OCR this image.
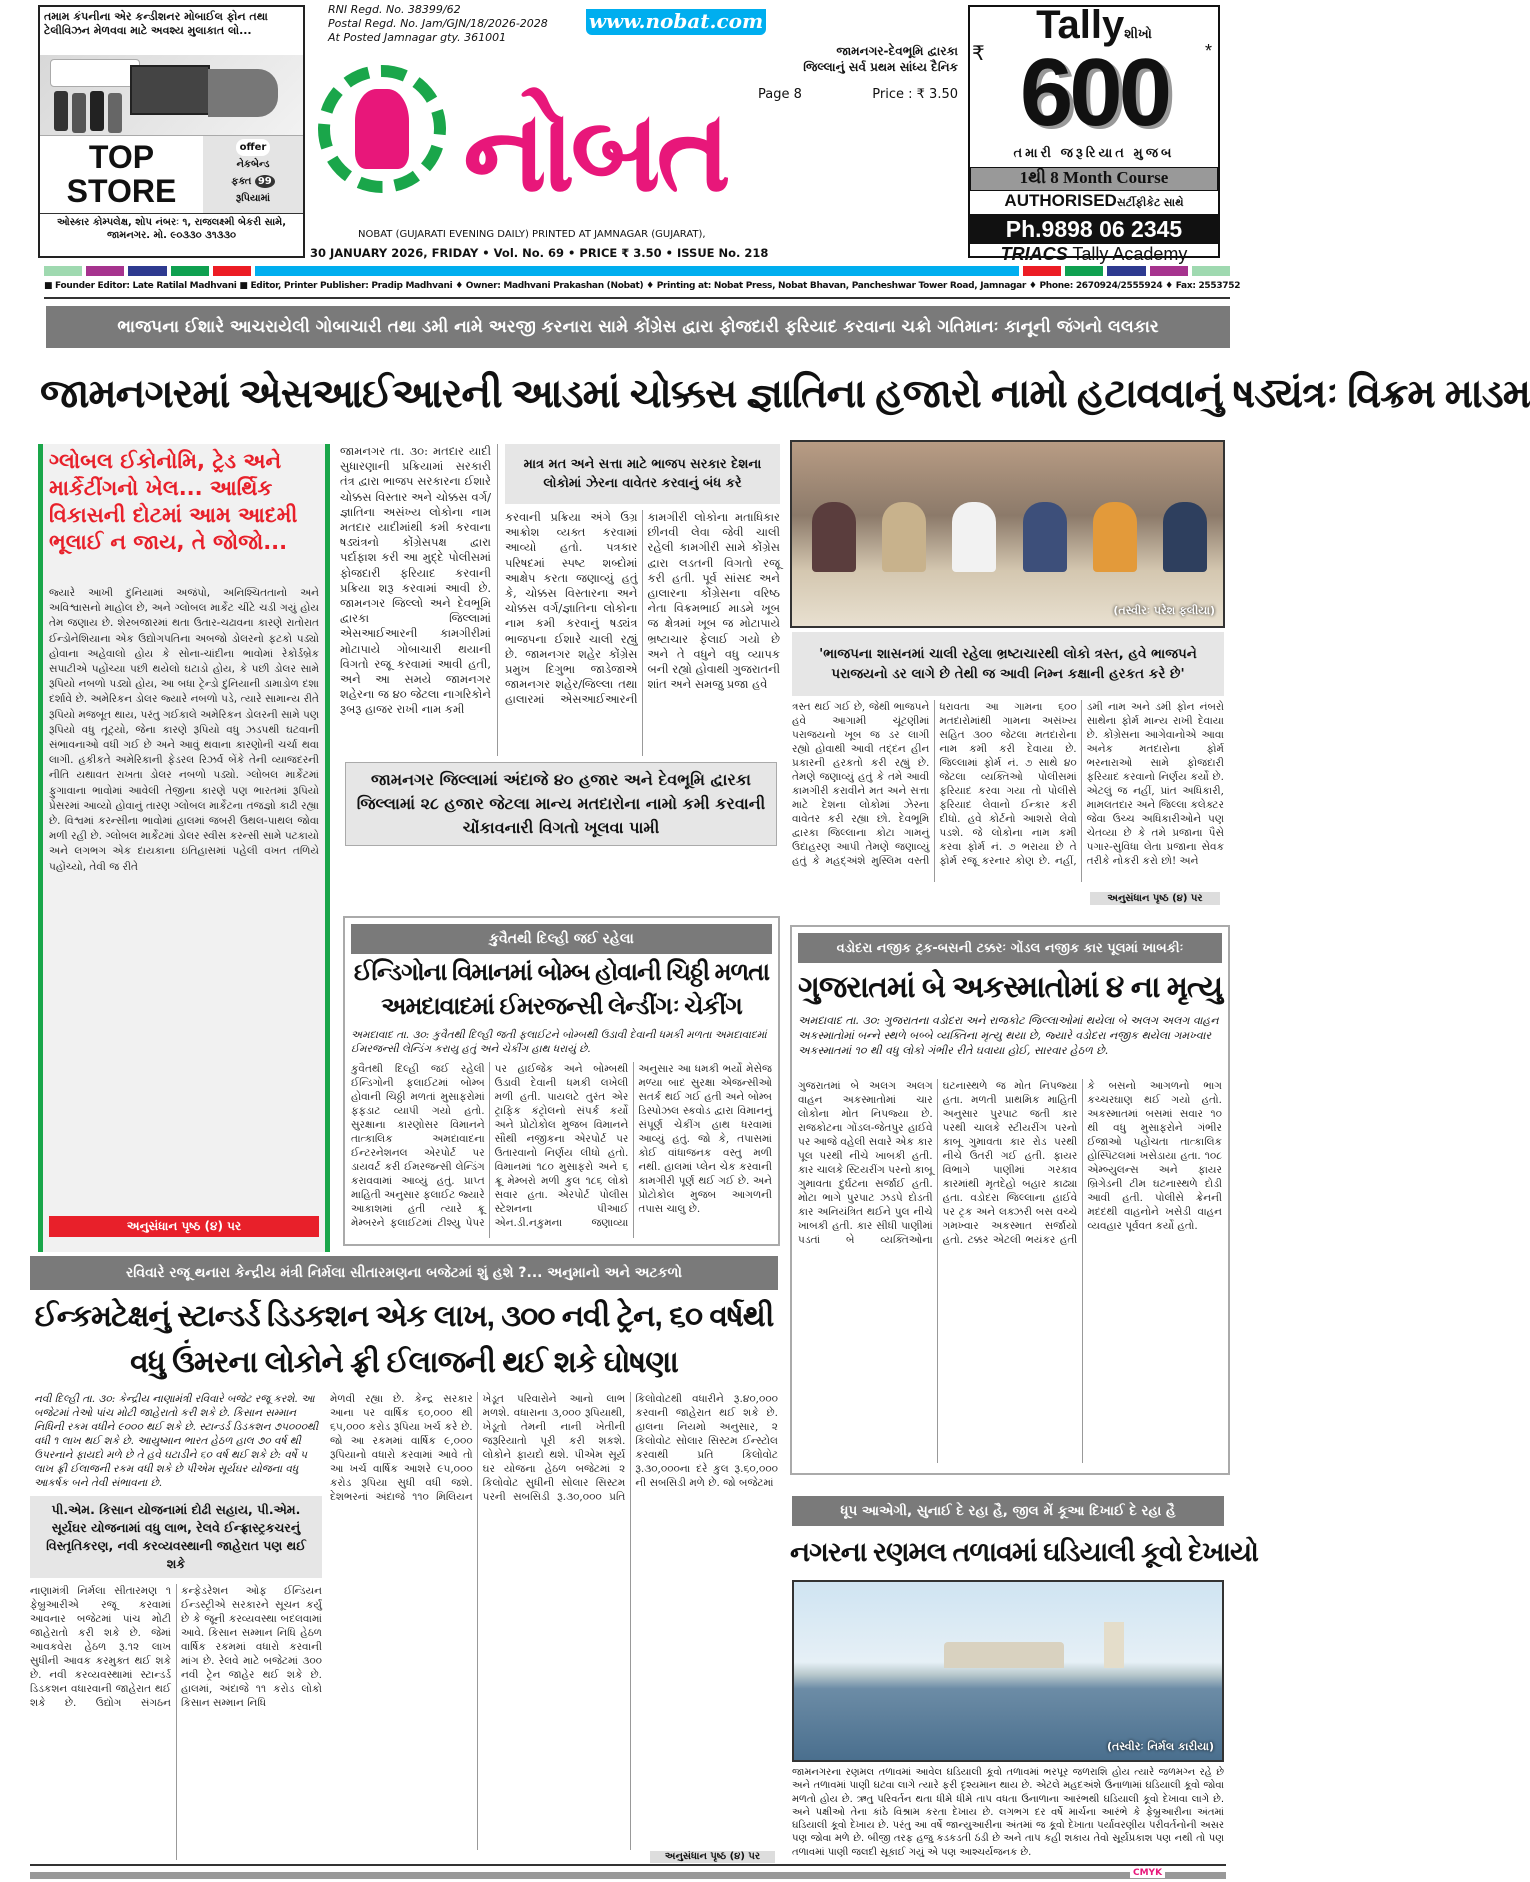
તમામ કંપનીના એર કન્ડીશનર મોબાઈલ ફોન તથા ટેલીવિઝન મેળવવા માટે અવશ્ય મુલાકાત લો...
TOP
STORE
offer
નેકબેન્ડ
ફક્ત 99
રૂપિયામાં
ઓસ્કાર કોમ્પલેક્ષ, શોપ નંબરઃ ૧, રાજલક્ષ્મી બેકરી સામે, જામનગર. મો. ૯૦૩૩૦ ૩૧૩૩૦
RNI Regd. No. 38399/62
Postal Regd. No. Jam/GJN/18/2026-2028
At Posted Jamnagar gty. 361001
www.nobat.com
નોબત
જામનગર-દેવભૂમિ દ્વારકા
જિલ્લાનું સર્વ પ્રથમ સાંધ્ય દૈનિક
Page 8	Price : ₹ 3.50
NOBAT (GUJARATI EVENING DAILY) PRINTED AT JAMNAGAR (GUJARAT),
30 JANUARY 2026, FRIDAY • Vol. No. 69 • PRICE ₹ 3.50 • ISSUE No. 218
Tallyશીખો
₹ 600 *
તમારી જરૂરિયાત મુજબ
1થી 8 Month Course
AUTHORISEDસર્ટીફીકેટ સાથે
Ph.9898 06 2345
TRIACS Tally Academy
■ Founder Editor: Late Ratilal Madhvani ■ Editor, Printer Publisher: Pradip Madhvani ♦ Owner: Madhvani Prakashan (Nobat) ♦ Printing at: Nobat Press, Nobat Bhavan, Pancheshwar Tower Road, Jamnagar ♦ Phone: 2670924/2555924 ♦ Fax: 2553752
ભાજપના ઈશારે આચરાયેલી ગોબાચારી તથા ડમી નામે અરજી કરનારા સામે કોંગ્રેસ દ્વારા ફોજદારી ફરિયાદ કરવાના ચક્રો ગતિમાનઃ કાનૂની જંગનો લલકાર
જામનગરમાં એસઆઈઆરની આડમાં ચોક્કસ જ્ઞાતિના હજારો નામો હટાવવાનું ષડ્યંત્રઃ વિક્રમ માડમ
ગ્લોબલ ઈકોનોમિ, ટ્રેડ અને માર્કેટીંગનો ખેલ... આર્થિક વિકાસની દોટમાં આમ આદમી ભૂલાઈ ન જાય, તે જોજો...
જ્યારે આખી દુનિયામાં અજંપો, અનિશ્ચિતતાનો અને અવિશ્વાસનો માહોલ છે, અને ગ્લોબલ માર્કેટ ચીંટે ચડી ગયું હોય તેમ જણાય છે. શેરબજારમાં થતા ઉતાર-ચઢાવના કારણે રાતોરાત ઈન્ડોનેશિયાના એક ઉદ્યોગપતિના અબજો ડોલરનો ફટકો પડ્યો હોવાના અહેવાલો હોય કે સોના-ચાંદીના ભાવોમાં રેકોર્ડબ્રેક સપાટીએ પહોંચ્યા પછી થયેલો ઘટાડો હોય, કે પછી ડોલર સામે રૂપિયો નબળો પડ્યો હોય, આ બધા ટ્રેન્ડો દુનિયાની ડામાડોળ દશા દર્શાવે છે. અમેરિકન ડોલર જ્યારે નબળો પડે, ત્યારે સામાન્ય રીતે રૂપિયો મજબૂત થાય, પરંતુ ગઈકાલે અમેરિકન ડોલરની સામે પણ રૂપિયો વધુ તૂટ્યો, જેના કારણે રૂપિયો વધુ ઝડપથી ઘટવાની સંભાવનાઓ વધી ગઈ છે અને આવું થવાના કારણોની ચર્ચા થવા લાગી. હકીકતે અમેરિકાની ફેડરલ રિઝર્વ બેંકે તેની વ્યાજદરની નીતિ યથાવત રાખતા ડોલર નબળો પડ્યો. ગ્લોબલ માર્કેટમાં ફુગાવાના ભાવોમાં આવેલી તેજીના કારણે પણ ભારતમાં રૂપિયો પ્રેસરમાં આવ્યો હોવાનું તારણ ગ્લોબલ માર્કેટના તજજ્ઞો કાઢી રહ્યા છે. વિશ્વમાં કરન્સીના ભાવોમાં હાલમાં જબરી ઉથલ-પાથલ જોવા મળી રહી છે. ગ્લોબલ માર્કેટમાં ડોલર સ્વીસ કરન્સી સામે પટકાયો અને લગભગ એક દાયકાના ઇતિહાસમાં પહેલી વખત તળિયે પહોંચ્યો, તેવી જ રીતે
અનુસંધાન પૃષ્ઠ (૪) પર
જામનગર તા. ૩૦: મતદાર યાદી સુધારણાની પ્રક્રિયામાં સરકારી તંત્ર દ્વારા ભાજપ સરકારના ઈશારે ચોક્કસ વિસ્તાર અને ચોક્કસ વર્ગ/જ્ઞાતિના અસંખ્ય લોકોના નામ મતદાર યાદીમાંથી કમી કરવાના ષડ્યંત્રનો કોંગ્રેસપક્ષ દ્વારા પર્દાફાશ કરી આ મુદ્દે પોલીસમાં ફોજદારી ફરિયાદ કરવાની પ્રક્રિયા શરૂ કરવામાં આવી છે. જામનગર જિલ્લો અને દેવભૂમિ દ્વારકા જિલ્લામાં એસઆઈઆરની કામગીરીમાં મોટાપાયે ગોબાચારી થયાની વિગતો રજૂ કરવામાં આવી હતી, અને આ સમયે જામનગર શહેરના જ ૪૦ જેટલા નાગરિકોને રૂબરૂ હાજર રાખી નામ કમી
માત્ર મત અને સત્તા માટે ભાજપ સરકાર દેશના લોકોમાં ઝેરના વાવેતર કરવાનું બંધ કરે
કરવાની પ્રક્રિયા અંગે ઉગ્ર આક્રોશ વ્યક્ત કરવામાં આવ્યો હતો. પત્રકાર પરિષદમાં સ્પષ્ટ શબ્દોમાં આક્ષેપ કરતા જણાવ્યું હતું કે, ચોક્કસ વિસ્તારના અને ચોક્કસ વર્ગ/જ્ઞાતિના લોકોના નામ કમી કરવાનું ષડ્યંત્ર ભાજપના ઈશારે ચાલી રહ્યું છે. જામનગર શહેર કોંગ્રેસ પ્રમુખ દિગુભા જાડેજાએ જામનગર શહેર/જિલ્લા તથા હાલારમાં એસઆઈઆરની કામગીરી લોકોના મતાધિકાર છીનવી લેવા જેવી ચાલી રહેલી કામગીરી સામે કોંગ્રેસ દ્વારા લડતની વિગતો રજૂ કરી હતી. પૂર્વ સાંસદ અને હાલારના કોંગ્રેસના વરિષ્ઠ નેતા વિક્રમભાઈ માડમે ખૂબ જ ક્ષેત્રમાં ખૂબ જ મોટાપાયે ભ્રષ્ટાચાર ફેલાઈ ગયો છે અને તે વધુને વધુ વ્યાપક બની રહ્યો હોવાથી ગુજરાતની શાંત અને સમજુ પ્રજા હવે
જામનગર જિલ્લામાં અંદાજે ૪૦ હજાર અને દેવભૂમિ દ્વારકા જિલ્લામાં ૨૮ હજાર જેટલા માન્ય મતદારોના નામો કમી કરવાની ચોંકાવનારી વિગતો ખૂલવા પામી
(તસ્વીરઃ પરેશ ફલીયા)
'ભાજપના શાસનમાં ચાલી રહેલા ભ્રષ્ટાચારથી લોકો ત્રસ્ત, હવે ભાજપને પરાજયનો ડર લાગે છે તેથી જ આવી નિમ્ન કક્ષાની હરકત કરે છે'
ત્રસ્ત થઈ ગઈ છે, જેથી ભાજપને હવે આગામી ચૂંટણીમાં પરાજયનો ખૂબ જ ડર લાગી રહ્યો હોવાથી આવી તદ્દન હીન પ્રકારની હરકતો કરી રહ્યું છે. તેમણે જણાવ્યું હતું કે તમે આવી કામગીરી કરાવીને મત અને સત્તા માટે દેશના લોકોમાં ઝેરના વાવેતર કરી રહ્યા છો. દેવભૂમિ દ્વારકા જિલ્લાના કોટા ગામનું ઉદાહરણ આપી તેમણે જણાવ્યું હતું કે મહદ્અંશે મુસ્લિમ વસ્તી ધરાવતા આ ગામના ૬૦૦ મતદારોમાંથી ગામના અસંખ્ય સહિત ૩૦૦ જેટલા મતદારોના નામ કમી કરી દેવાયા છે. જિલ્લામાં ફોર્મ નં. ૭ સાથે ૪૦ જેટલા વ્યક્તિઓ પોલીસમાં ફરિયાદ કરવા ગયા તો પોલીસે ફરિયાદ લેવાનો ઈન્કાર કરી દીધો. હવે કોર્ટનો આશરો લેવો પડશે. જે લોકોના નામ કમી કરવા ફોર્મ નં. ૭ ભરાયા છે તે ફોર્મ રજૂ કરનાર કોણ છે. નહીં, ડમી નામ અને ડમી ફોન નંબરો સાથેના ફોર્મ માન્ય રાખી દેવાયા છે. કોંગ્રેસના આગેવાનોએ આવા અનેક મતદારોના ફોર્મ ભરનારાઓ સામે ફોજદારી ફરિયાદ કરવાનો નિર્ણય કર્યો છે. એટલું જ નહીં, પ્રાંત અધિકારી, મામલતદાર અને જિલ્લા કલેક્ટર જેવા ઉચ્ચ અધિકારીઓને પણ ચેતવ્યા છે કે તમે પ્રજાના પૈસે પગાર-સુવિધા લેતા પ્રજાના સેવક તરીકે નોકરી કરો છો! અને
અનુસંધાન પૃષ્ઠ (૪) પર
કુવૈતથી દિલ્હી જઈ રહેલા
ઈન્ડિગોના વિમાનમાં બોમ્બ હોવાની ચિઠ્ઠી મળતા અમદાવાદમાં ઈમરજન્સી લેન્ડીંગઃ ચેકીંગ
અમદાવાદ તા. ૩૦: કુવૈતથી દિલ્હી જતી ફલાઈટને બોમ્બથી ઉડાવી દેવાની ધમકી મળતા અમદાવાદમાં ઈમરજન્સી લેન્ડિંગ કરાયુ હતું અને ચેકીંગ હાથ ધરાયું છે.
કુવૈતથી દિલ્હી જઈ રહેલી ઈન્ડિગોની ફલાઈટમાં બોમ્બ હોવાની ચિઠ્ઠી મળતાં મુસાફરોમાં ફફડાટ વ્યાપી ગયો હતો. સુરક્ષાના કારણોસર વિમાનને તાત્કાલિક અમદાવાદના ઈન્ટરનેશનલ એરપોર્ટ પર ડાયવર્ટ કરી ઈમરજન્સી લેન્ડિંગ કરાવવામાં આવ્યું હતું. પ્રાપ્ત માહિતી અનુસાર ફલાઈટ જ્યારે આકાશમાં હતી ત્યારે ક્રૂ મેમ્બરને ફલાઈટમાં ટીશ્યુ પેપર પર હાઈજેક અને બોમ્બથી ઉડાવી દેવાની ધમકી લખેલી મળી હતી. પાયલટે તુરંત એર ટ્રાફિક કંટ્રોલનો સંપર્ક કર્યો અને પ્રોટોકોલ મુજબ વિમાનને સૌથી નજીકના એરપોર્ટ પર ઉતારવાનો નિર્ણય લીધો હતો. વિમાનમાં ૧૮૦ મુસાફરો અને ૬ ક્રૂ મેમ્બરો મળી કુલ ૧૮૬ લોકો સવાર હતા. એરપોર્ટ પોલીસ સ્ટેશનના પીઆઈ એન.ડી.નકુમના જણાવ્યા અનુસાર આ ધમકી ભર્યો મેસેજ મળ્યા બાદ સુરક્ષા એજન્સીઓ સતર્ક થઈ ગઈ હતી અને બોમ્બ ડિસ્પોઝલ સ્કવોડ દ્વારા વિમાનનું સંપૂર્ણ ચેકીંગ હાથ ધરવામાં આવ્યું હતું. જો કે, તપાસમાં કોઈ વાંધાજનક વસ્તુ મળી નથી. હાલમાં પ્લેન ચેક કરવાની કામગીરી પૂર્ણ થઈ ગઈ છે. અને પ્રોટોકોલ મુજબ આગળની તપાસ ચાલુ છે.
વડોદરા નજીક ટ્રક-બસની ટક્કરઃ ગોંડલ નજીક કાર પૂલમાં ખાબકીઃ
ગુજરાતમાં બે અકસ્માતોમાં ૪ ના મૃત્યુ
અમદાવાદ તા. ૩૦: ગુજરાતના વડોદરા અને રાજકોટ જિલ્લાઓમાં થયેલા બે અલગ અલગ વાહન અકસ્માતોમાં બન્ને સ્થળે બબ્બે વ્યક્તિના મૃત્યુ થયા છે, જ્યારે વડોદરા નજીક થયેલા ગમખ્વાર અકસ્માતમાં ૧૦ થી વધુ લોકો ગંભીર રીતે ઘવાયા હોઈ, સારવાર હેઠળ છે.
ગુજરાતમાં બે અલગ અલગ વાહન અકસ્માતોમાં ચાર લોકોના મોત નિપજ્યા છે. રાજકોટના ગોંડલ-જેતપુર હાઈવે પર આજે વહેલી સવારે એક કાર પૂલ પરથી નીચે ખાબકી હતી. કાર ચાલકે સ્ટિયરીંગ પરનો કાબૂ ગુમાવતા દુર્ઘટના સર્જાઈ હતી. મોટા ભાગે પુરપાટ ઝડપે દોડતી કાર અનિયંત્રિત થઈને પુલ નીચે ખાબકી હતી. કાર સીધી પાણીમાં પડતાં બે વ્યક્તિઓના ઘટનાસ્થળે જ મોત નિપજ્યા હતા. મળતી પ્રાથમિક માહિતી અનુસાર પુરપાટ જતી કાર પરથી ચાલકે સ્ટીયરીંગ પરનો કાબૂ ગુમાવતા કાર રોડ પરથી નીચે ઉતરી ગઈ હતી. ફાયર વિભાગે પાણીમાં ગરકાવ કારમાંથી મૃતદેહો બહાર કાઢ્યા હતા. વડોદરા જિલ્લાના હાઈવે પર ટ્રક અને લક્ઝરી બસ વચ્ચે ગમખ્વાર અકસ્માત સર્જાયો હતો. ટક્કર એટલી ભયંકર હતી કે બસનો આગળનો ભાગ કચ્ચરઘાણ થઈ ગયો હતો. અકસ્માતમાં બસમાં સવાર ૧૦ થી વધુ મુસાફરોને ગંભીર ઈજાઓ પહોંચતા તાત્કાલિક હોસ્પિટલમાં ખસેડાયા હતા. ૧૦૮ એમ્બ્યુલન્સ અને ફાયર બ્રિગેડની ટીમ ઘટનાસ્થળે દોડી આવી હતી. પોલીસે ક્રેનની મદદથી વાહનોને ખસેડી વાહન વ્યવહાર પૂર્વવત કર્યો હતો.
રવિવારે રજૂ થનારા કેન્દ્રીય મંત્રી નિર્મલા સીતારમણના બજેટમાં શું હશે ?... અનુમાનો અને અટકળો
ઈન્કમટેક્ષનું સ્ટાન્ડર્ડ ડિડકશન એક લાખ, ૩૦૦ નવી ટ્રેન, ૬૦ વર્ષથી વધુ ઉંમરના લોકોને ફ્રી ઈલાજની થઈ શકે ઘોષણા
નવી દિલ્હી તા. ૩૦: કેન્દ્રીય નાણામંત્રી રવિવારે બજેટ રજૂ કરશે. આ બજેટમાં તેઓ પાંચ મોટી જાહેરાતો કરી શકે છે. કિસાન સમ્માન નિધિની રકમ વધીને ૯૦૦૦ થઈ શકે છે. સ્ટાન્ડર્ડ ડિડકશન ૭૫૦૦૦થી વધી ૧ લાખ થઈ શકે છે. આયુષ્માન ભારત હેઠળ હાલ ૭૦ વર્ષ થી ઉપરનાને ફાયદો મળે છે તે હવે ઘટાડીને ૬૦ વર્ષ થઈ શકે છે: વર્ષે ૫ લાખ ફ્રી ઈલાજની રકમ વધી શકે છે પીએમ સૂર્યઘર યોજના વધુ આકર્ષક બને તેવી સંભાવના છે.
મેળવી રહ્યા છે. કેન્દ્ર સરકાર આના પર વાર્ષિક ૬૦,૦૦૦ થી ૬૫,૦૦૦ કરોડ રૂપિયા ખર્ચ કરે છે. જો આ રકમમાં વાર્ષિક ૯,૦૦૦ રૂપિયાનો વધારો કરવામાં આવે તો આ ખર્ચ વાર્ષિક આશરે ૯૫,૦૦૦ કરોડ રૂપિયા સુધી વધી જશે. દેશભરનાં અંદાજે ૧૧૦ મિલિયન ખેડૂત પરિવારોને આનો લાભ મળશે. વધારાના ૩,૦૦૦ રૂપિયાથી, ખેડૂતો તેમની નાની ખેતીની જરૂરિયાતો પૂરી કરી શકશે. લોકોને ફાયદો થશે. પીએમ સૂર્ય ઘર યોજના હેઠળ બજેટમાં ૨ કિલોવોટ સુધીની સોલાર સિસ્ટમ પરની સબસિડી રૂ.૩૦,૦૦૦ પ્રતિ કિલોવોટથી વધારીને રૂ.૪૦,૦૦૦ કરવાની જાહેરાત થઈ શકે છે. હાલના નિયમો અનુસાર, ૨ કિલોવોટ સોલાર સિસ્ટમ ઈન્સ્ટોલ કરવાથી પ્રતિ કિલોવોટ રૂ.૩૦,૦૦૦ના દરે કુલ રૂ.૬૦,૦૦૦ ની સબસિડી મળે છે. જો બજેટમાં
પી.એમ. કિસાન યોજનામાં દોઢી સહાય, પી.એમ. સૂર્યઘર યોજનામાં વધુ લાભ, રેલવે ઈન્ફ્રાસ્ટ્રકચરનું વિસ્તૃતિકરણ, નવી કરવ્યવસ્થાની જાહેરાત પણ થઈ શકે
નાણામંત્રી નિર્મલા સીતારમણ ૧ ફેબ્રુઆરીએ રજૂ કરવામાં આવનાર બજેટમાં પાંચ મોટી જાહેરાતો કરી શકે છે. જેમાં આવકવેરા હેઠળ રૂ.૧૨ લાખ સુધીની આવક કરમુક્ત થઈ શકે છે. નવી કરવ્યવસ્થામાં સ્ટાન્ડર્ડ ડિડકશન વધારવાની જાહેરાત થઈ શકે છે. ઉદ્યોગ સંગઠન કન્ફેડરેશન ઓફ ઈન્ડિયન ઈન્ડસ્ટ્રીએ સરકારને સૂચન કર્યું છે કે જૂની કરવ્યવસ્થા બદલવામાં આવે. કિસાન સમ્માન નિધિ હેઠળ વાર્ષિક રકમમાં વધારો કરવાની માંગ છે. રેલવે માટે બજેટમાં ૩૦૦ નવી ટ્રેન જાહેર થઈ શકે છે. હાલમાં, અંદાજે ૧૧ કરોડ લોકો કિસાન સમ્માન નિધિ
અનુસંધાન પૃષ્ઠ (૪) પર
ધૂપ આએગી, સુનાઈ દે રહા હૈ, જીલ મેં કૂઆ દિખાઈ દે રહા હૈ
નગરના રણમલ તળાવમાં ઘડિયાલી કૂવો દેખાયો
(તસ્વીરઃ નિર્મલ કારીયા)
જામનગરના રણમલ તળાવમાં આવેલ ઘડિયાલી કૂવો તળાવમાં ભરપૂર જળરાશિ હોય ત્યારે જળમગ્ન રહે છે અને તળાવમાં પાણી ઘટવા લાગે ત્યારે ફરી દૃશ્યમાન થાય છે. એટલે મહદઅંશે ઉનાળામાં ઘડિયાલી કૂવો જોવા મળતો હોય છે. ઋતુ પરિવર્તન થતા ધીમે ધીમે તાપ વધતા ઉનાળાના આરંભથી ઘડિયાલી કૂવો દેખાવા લાગે છે. અને પક્ષીઓ તેના કાંઠે વિશ્રામ કરતા દેખાય છે. લગભગ દર વર્ષે માર્ચના આરંભે કે ફેબ્રુઆરીના અંતમાં ઘડિયાલી કૂવો દેખાય છે. પરંતુ આ વર્ષે જાન્યુઆરીના અંતમાં જ કૂવો દેખાતા પર્યાવરણીય પરીવર્તનોની અસર પણ જોવા મળે છે. બીજી તરફ હજુ કડકડતી ઠંડી છે અને તાપ કહી શકાય તેવો સૂર્યપ્રકાશ પણ નથી તો પણ તળાવમાં પાણી જલદી સૂકાઈ ગયું એ પણ આશ્ચર્યજનક છે.
CMYK
